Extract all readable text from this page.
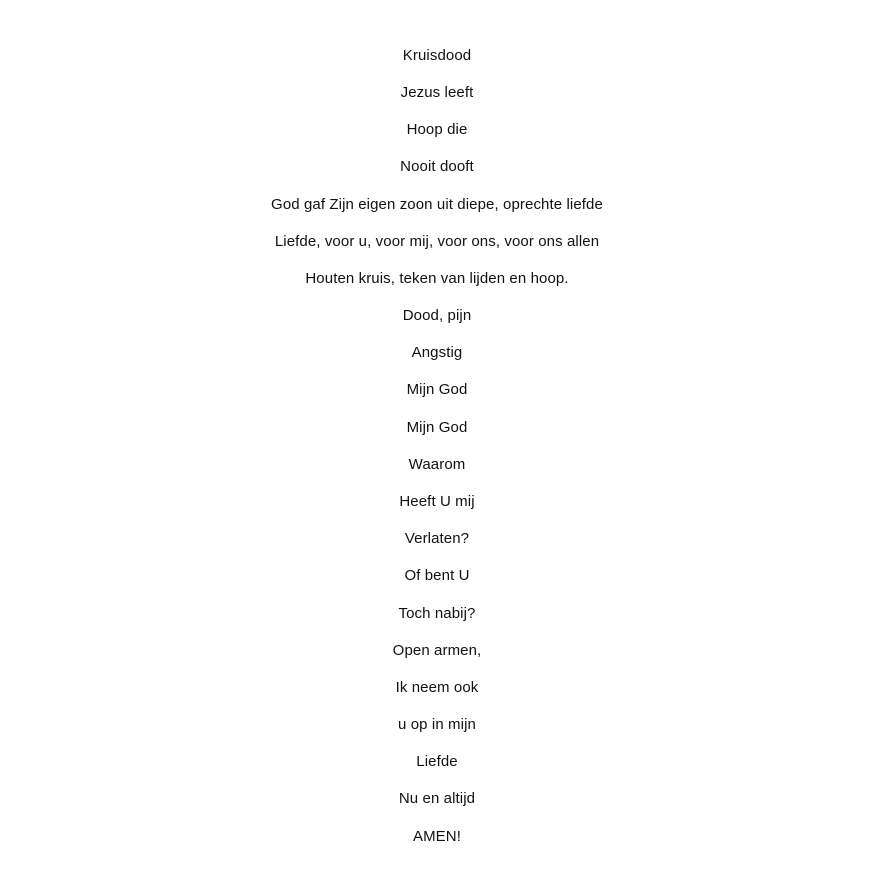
Kruisdood
Jezus leeft
Hoop die
Nooit dooft
God gaf Zijn eigen zoon uit diepe, oprechte liefde
Liefde, voor u, voor mij, voor ons, voor ons allen
Houten kruis, teken van lijden en hoop.
Dood, pijn
Angstig
Mijn God
Mijn God
Waarom
Heeft U mij
Verlaten?
Of bent U
Toch nabij?
Open armen,
Ik neem ook
u op in mijn
Liefde
Nu en altijd
AMEN!
